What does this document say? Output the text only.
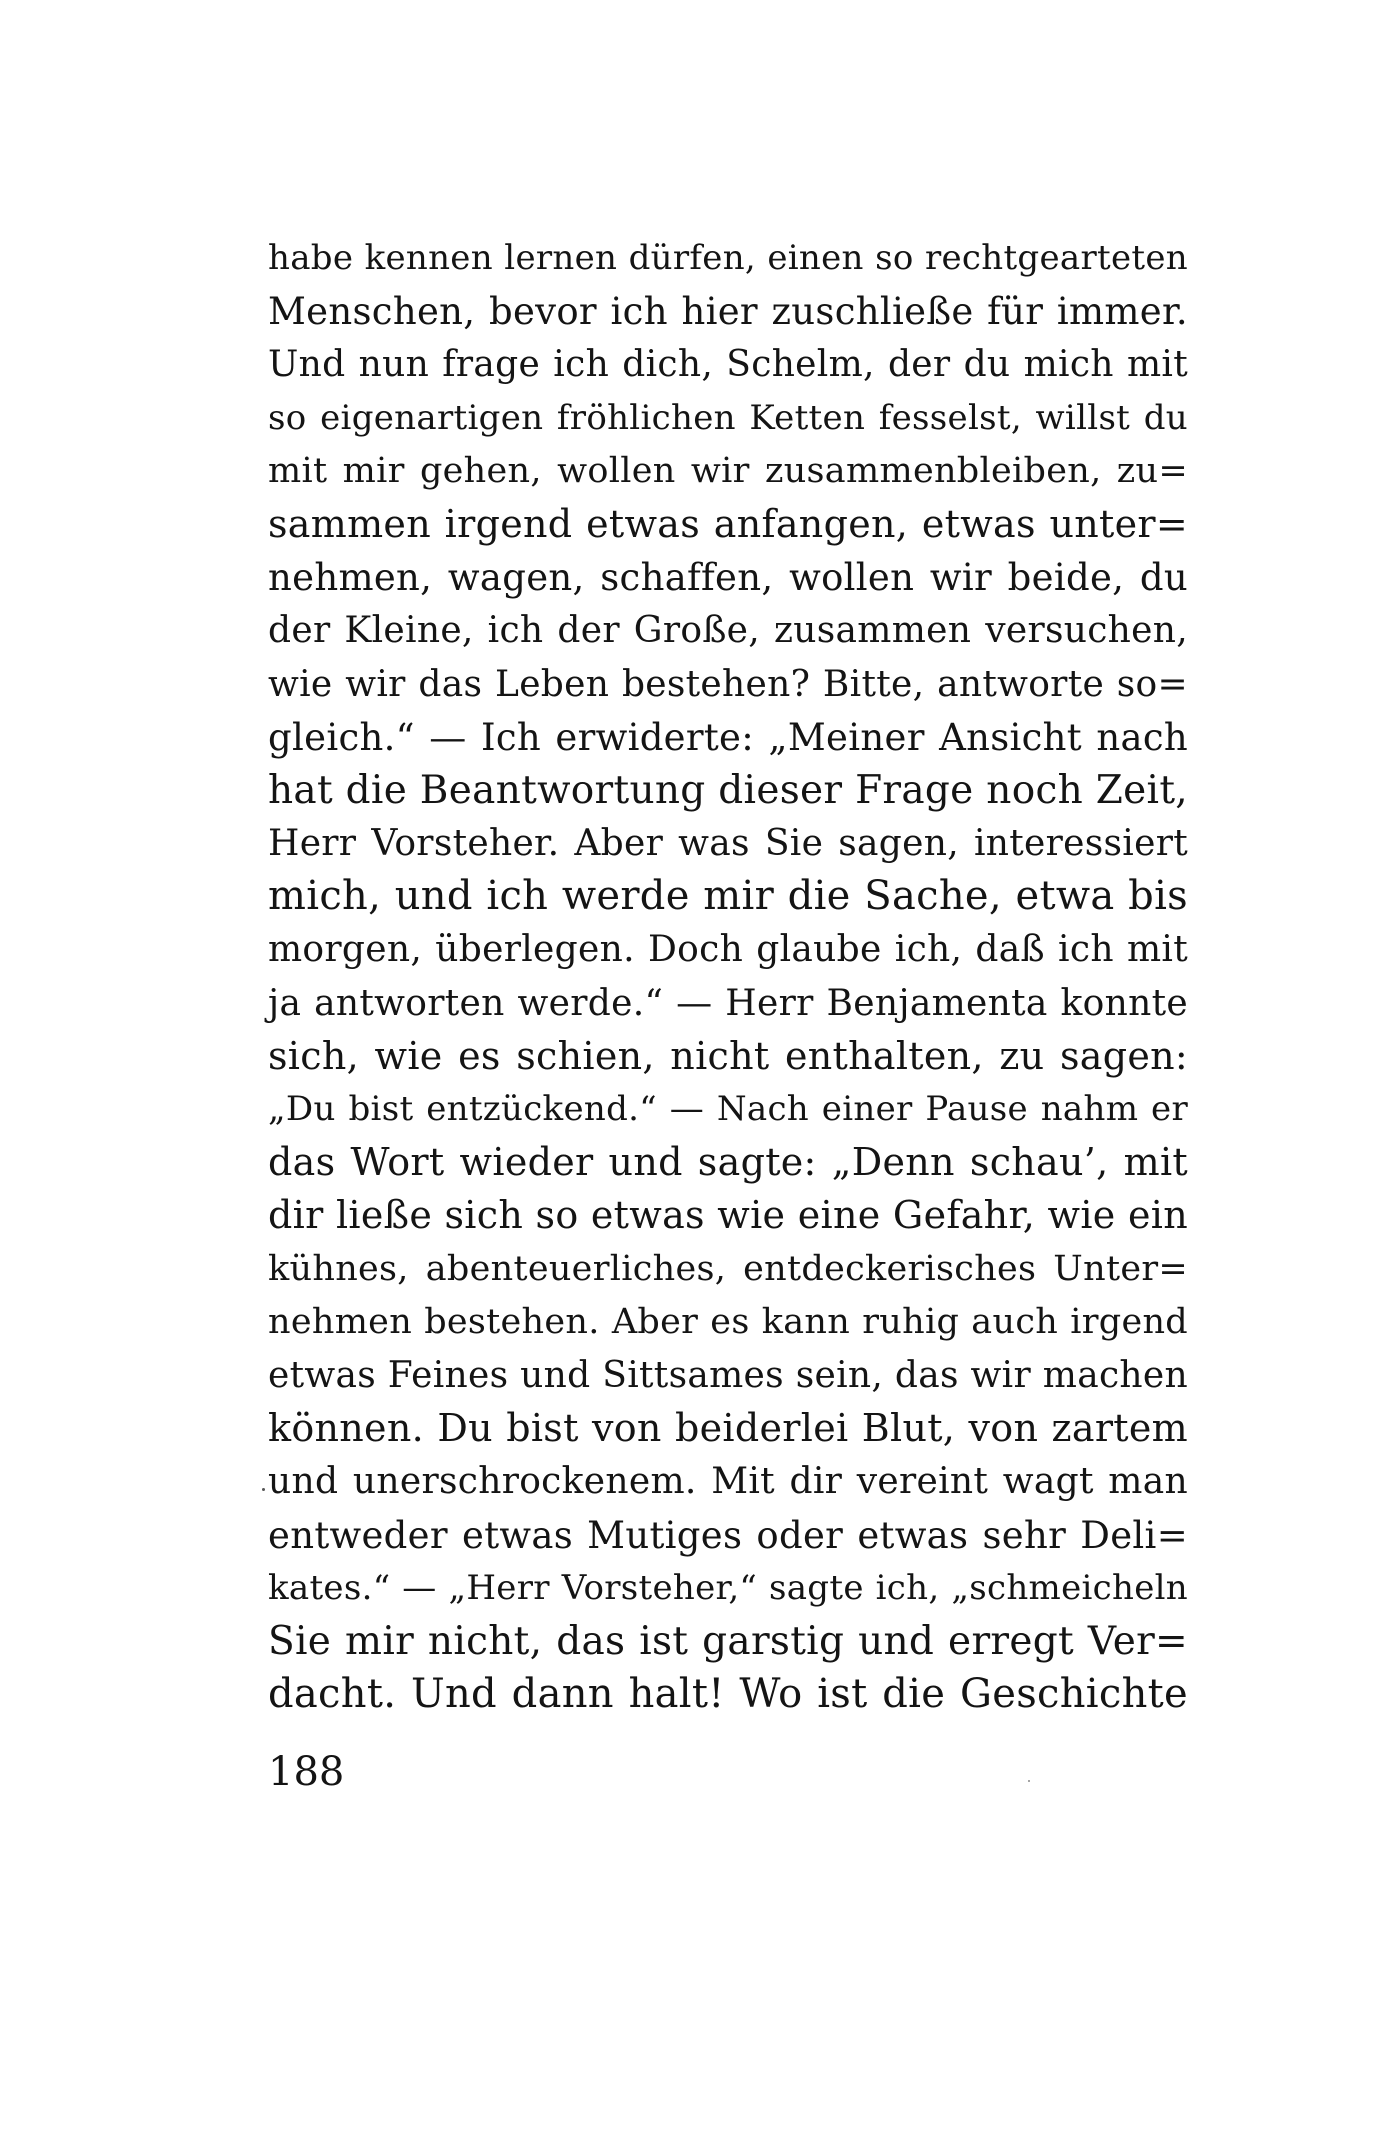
habe kennen lernen dürfen, einen so rechtgearteten
Menschen, bevor ich hier zuschließe für immer.
Und nun frage ich dich, Schelm, der du mich mit
so eigenartigen fröhlichen Ketten fesselst, willst du
mit mir gehen, wollen wir zusammenbleiben, zu=
sammen irgend etwas anfangen, etwas unter=
nehmen, wagen, schaffen, wollen wir beide, du
der Kleine, ich der Große, zusammen versuchen,
wie wir das Leben bestehen? Bitte, antworte so=
gleich.“ — Ich erwiderte: „Meiner Ansicht nach
hat die Beantwortung dieser Frage noch Zeit,
Herr Vorsteher. Aber was Sie sagen, interessiert
mich, und ich werde mir die Sache, etwa bis
morgen, überlegen. Doch glaube ich, daß ich mit
ja antworten werde.“ — Herr Benjamenta konnte
sich, wie es schien, nicht enthalten, zu sagen:
„Du bist entzückend.“ — Nach einer Pause nahm er
das Wort wieder und sagte: „Denn schau’, mit
dir ließe sich so etwas wie eine Gefahr, wie ein
kühnes, abenteuerliches, entdeckerisches Unter=
nehmen bestehen. Aber es kann ruhig auch irgend
etwas Feines und Sittsames sein, das wir machen
können. Du bist von beiderlei Blut, von zartem
und unerschrockenem. Mit dir vereint wagt man
entweder etwas Mutiges oder etwas sehr Deli=
kates.“ — „Herr Vorsteher,“ sagte ich, „schmeicheln
Sie mir nicht, das ist garstig und erregt Ver=
dacht. Und dann halt! Wo ist die Geschichte
188
